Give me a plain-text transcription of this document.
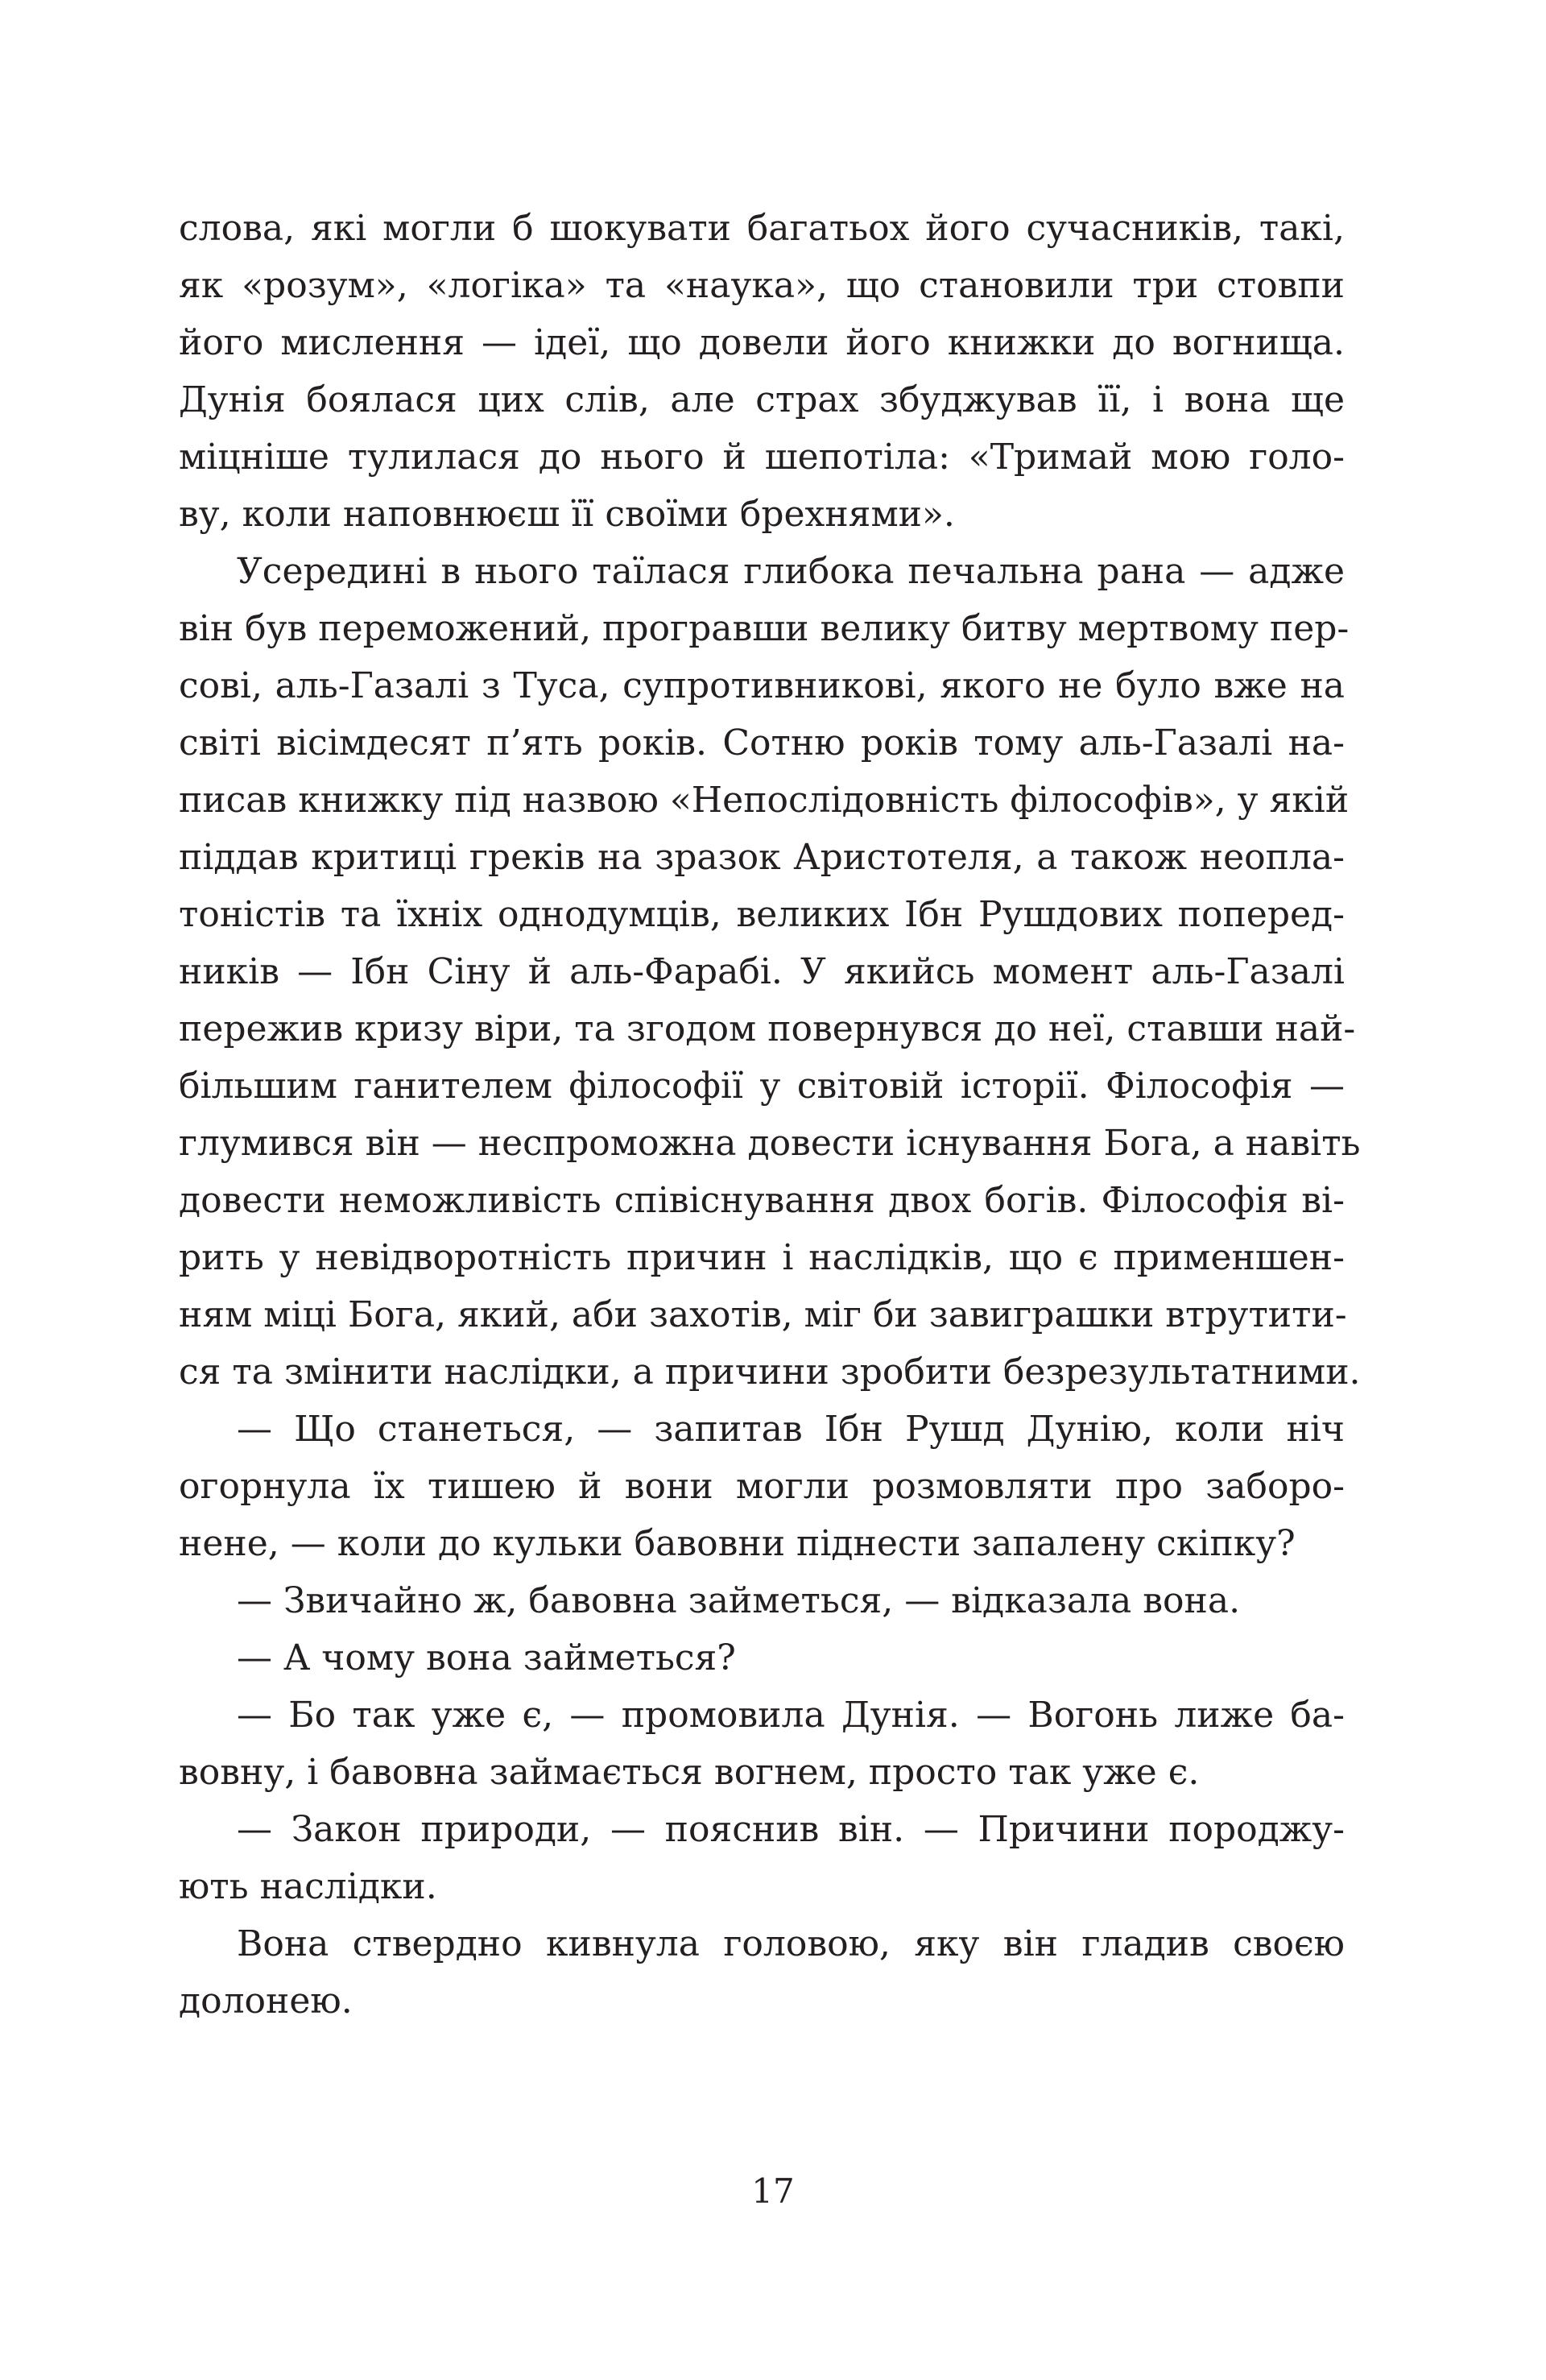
слова, які могли б шокувати багатьох його сучасників, такі,
як «розум», «логіка» та «наука», що становили три стовпи
його мислення — ідеї, що довели його книжки до вогнища.
Дунія боялася цих слів, але страх збуджував її, і вона ще
міцніше тулилася до нього й шепотіла: «Тримай мою голо-
ву, коли наповнюєш її своїми брехнями».
Усередині в нього таїлася глибока печальна рана — адже
він був переможений, програвши велику битву мертвому пер-
сові, аль-Газалі з Туса, супротивникові, якого не було вже на
світі вісімдесят п’ять років. Сотню років тому аль-Газалі на-
писав книжку під назвою «Непослідовність філософів», у якій
піддав критиці греків на зразок Аристотеля, а також неопла-
тоністів та їхніх однодумців, великих Ібн Рушдових поперед-
ників — Ібн Сіну й аль-Фарабі. У якийсь момент аль-Газалі
пережив кризу віри, та згодом повернувся до неї, ставши най-
більшим ганителем філософії у світовій історії. Філософія —
глумився він — неспроможна довести існування Бога, а навіть
довести неможливість співіснування двох богів. Філософія ві-
рить у невідворотність причин і наслідків, що є применшен-
ням міці Бога, який, аби захотів, міг би завиграшки втрутити-
ся та змінити наслідки, а причини зробити безрезультатними.
— Що станеться, — запитав Ібн Рушд Дунію, коли ніч
огорнула їх тишею й вони могли розмовляти про заборо-
нене, — коли до кульки бавовни піднести запалену скіпку?
— Звичайно ж, бавовна займеться, — відказала вона.
— А чому вона займеться?
— Бо так уже є, — промовила Дунія. — Вогонь лиже ба-
вовну, і бавовна займається вогнем, просто так уже є.
— Закон природи, — пояснив він. — Причини породжу-
ють наслідки.
Вона ствердно кивнула головою, яку він гладив своєю
долонею.
17
